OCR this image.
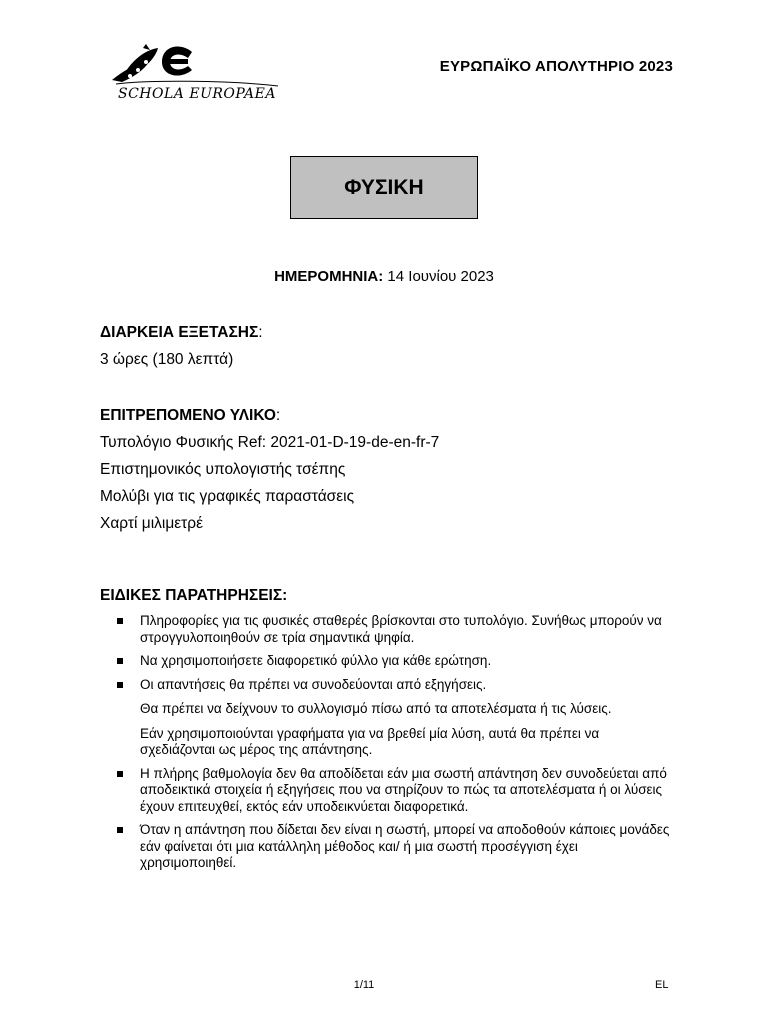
SCHOLA EUROPAEA
ΕΥΡΩΠΑΪΚΟ ΑΠΟΛΥΤΗΡΙΟ 2023
ΦΥΣΙΚΗ
ΗΜΕΡΟΜΗΝΙΑ: 14 Ιουνίου 2023
ΔΙΑΡΚΕΙΑ ΕΞΕΤΑΣΗΣ:
3 ώρες (180 λεπτά)
ΕΠΙΤΡΕΠΟΜΕΝΟ ΥΛΙΚΟ:
Τυπολόγιο Φυσικής Ref: 2021-01-D-19-de-en-fr-7
Επιστημονικός υπολογιστής τσέπης
Μολύβι για τις γραφικές παραστάσεις
Χαρτί μιλιμετρέ
ΕΙΔΙΚΕΣ ΠΑΡΑΤΗΡΗΣΕΙΣ:
Πληροφορίες για τις φυσικές σταθερές βρίσκονται στο τυπολόγιο. Συνήθως μπορούν να στρογγυλοποιηθούν σε τρία σημαντικά ψηφία.
Να χρησιμοποιήσετε διαφορετικό φύλλο για κάθε ερώτηση.
Οι απαντήσεις θα πρέπει να συνοδεύονται από εξηγήσεις.
Θα πρέπει να δείχνουν το συλλογισμό πίσω από τα αποτελέσματα ή τις λύσεις.
Εάν χρησιμοποιούνται γραφήματα για να βρεθεί μία λύση, αυτά θα πρέπει να σχεδιάζονται ως μέρος της απάντησης.
Η πλήρης βαθμολογία δεν θα αποδίδεται εάν μια σωστή απάντηση δεν συνοδεύεται από αποδεικτικά στοιχεία ή εξηγήσεις που να στηρίζουν το πώς τα αποτελέσματα ή οι λύσεις έχουν επιτευχθεί, εκτός εάν υποδεικνύεται διαφορετικά.
Όταν η απάντηση που δίδεται δεν είναι η σωστή, μπορεί να αποδοθούν κάποιες μονάδες εάν φαίνεται ότι μια κατάλληλη μέθοδος και/ ή μια σωστή προσέγγιση έχει χρησιμοποιηθεί.
1/11	EL
